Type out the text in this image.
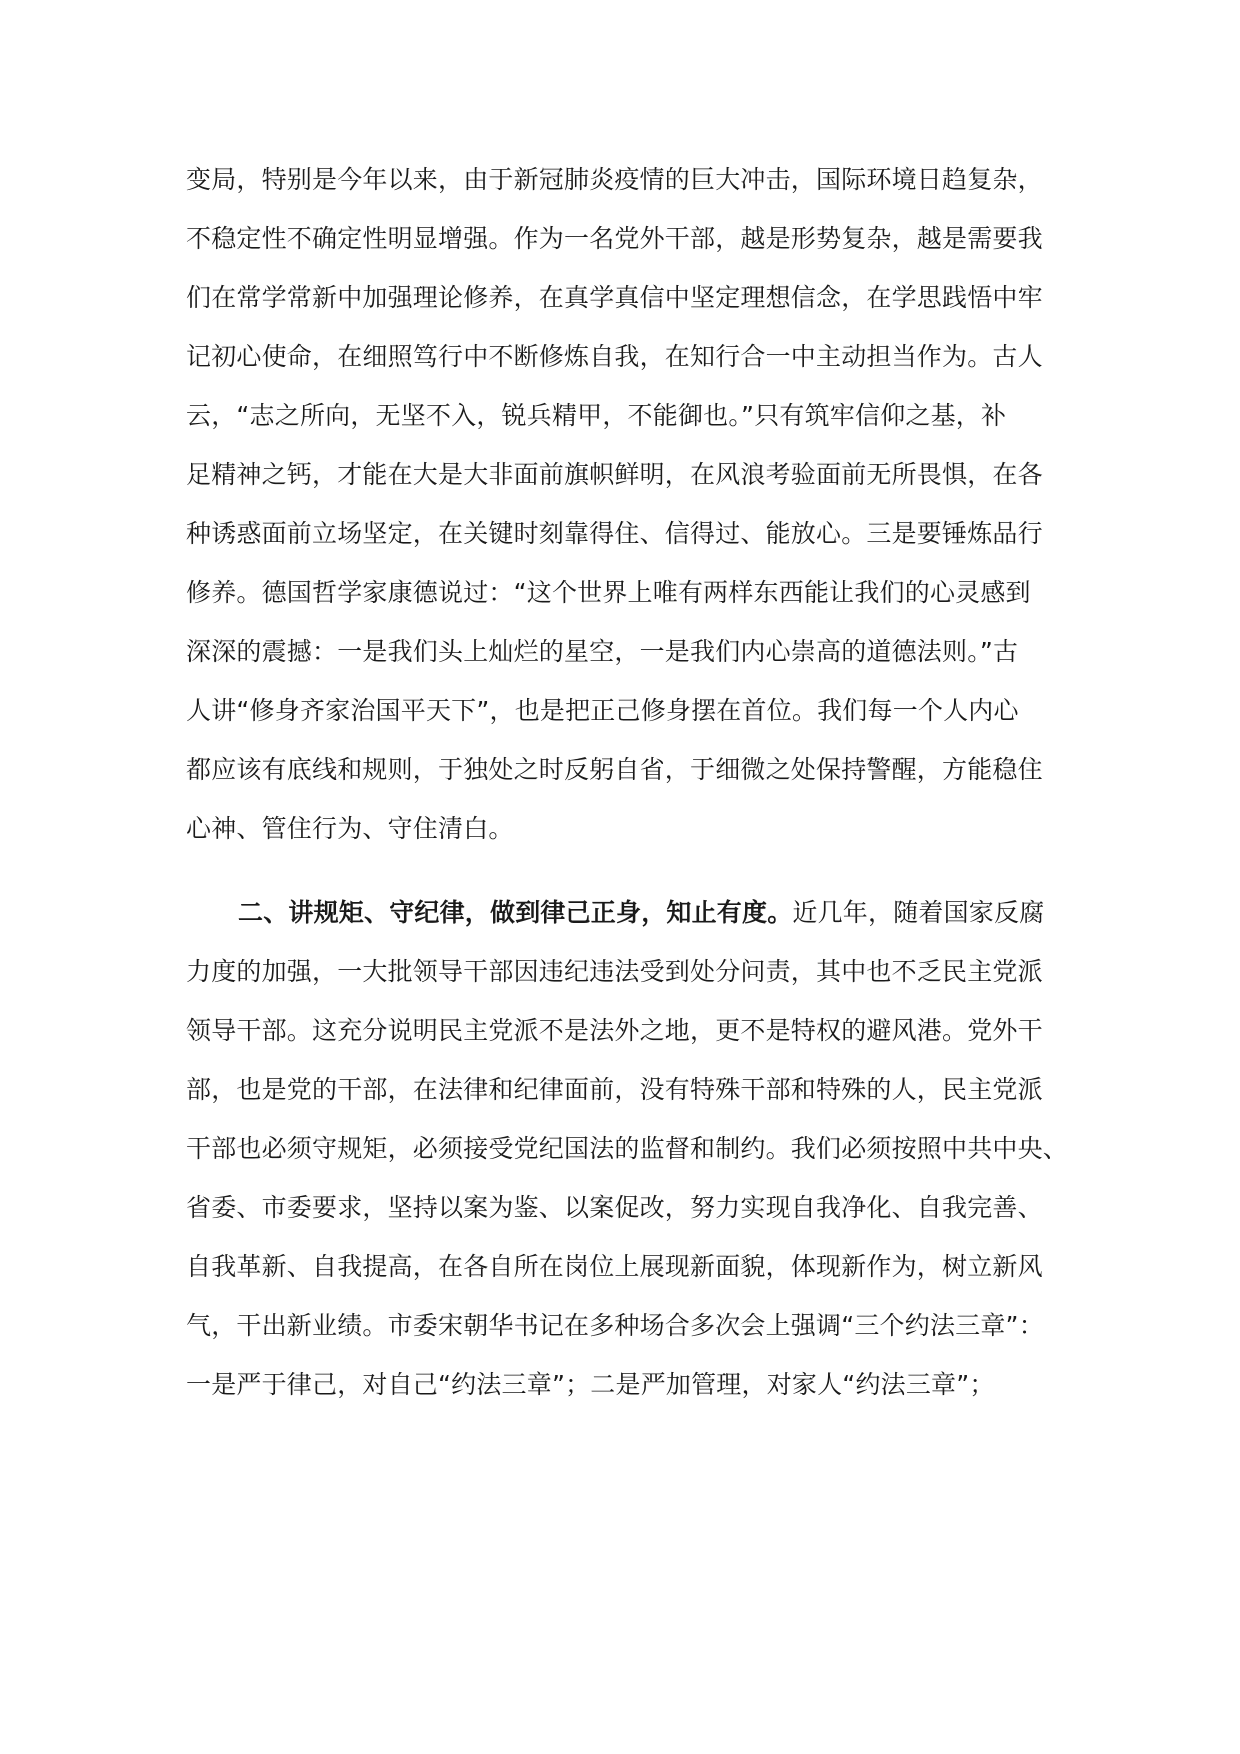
变局，特别是今年以来，由于新冠肺炎疫情的巨大冲击，国际环境日趋复杂，
不稳定性不确定性明显增强。作为一名党外干部，越是形势复杂，越是需要我
们在常学常新中加强理论修养，在真学真信中坚定理想信念，在学思践悟中牢
记初心使命，在细照笃行中不断修炼自我，在知行合一中主动担当作为。古人
云，“志之所向，无坚不入，锐兵精甲，不能御也。”只有筑牢信仰之基，补
足精神之钙，才能在大是大非面前旗帜鲜明，在风浪考验面前无所畏惧，在各
种诱惑面前立场坚定，在关键时刻靠得住、信得过、能放心。三是要锤炼品行
修养。德国哲学家康德说过：“这个世界上唯有两样东西能让我们的心灵感到
深深的震撼：一是我们头上灿烂的星空，一是我们内心崇高的道德法则。”古
人讲“修身齐家治国平天下”，也是把正己修身摆在首位。我们每一个人内心
都应该有底线和规则，于独处之时反躬自省，于细微之处保持警醒，方能稳住
心神、管住行为、守住清白。
二、讲规矩、守纪律，做到律己正身，知止有度。近几年，随着国家反腐
力度的加强，一大批领导干部因违纪违法受到处分问责，其中也不乏民主党派
领导干部。这充分说明民主党派不是法外之地，更不是特权的避风港。党外干
部，也是党的干部，在法律和纪律面前，没有特殊干部和特殊的人，民主党派
干部也必须守规矩，必须接受党纪国法的监督和制约。我们必须按照中共中央、
省委、市委要求，坚持以案为鉴、以案促改，努力实现自我净化、自我完善、
自我革新、自我提高，在各自所在岗位上展现新面貌，体现新作为，树立新风
气，干出新业绩。市委宋朝华书记在多种场合多次会上强调“三个约法三章”：
一是严于律己，对自己“约法三章”；二是严加管理，对家人“约法三章”；
